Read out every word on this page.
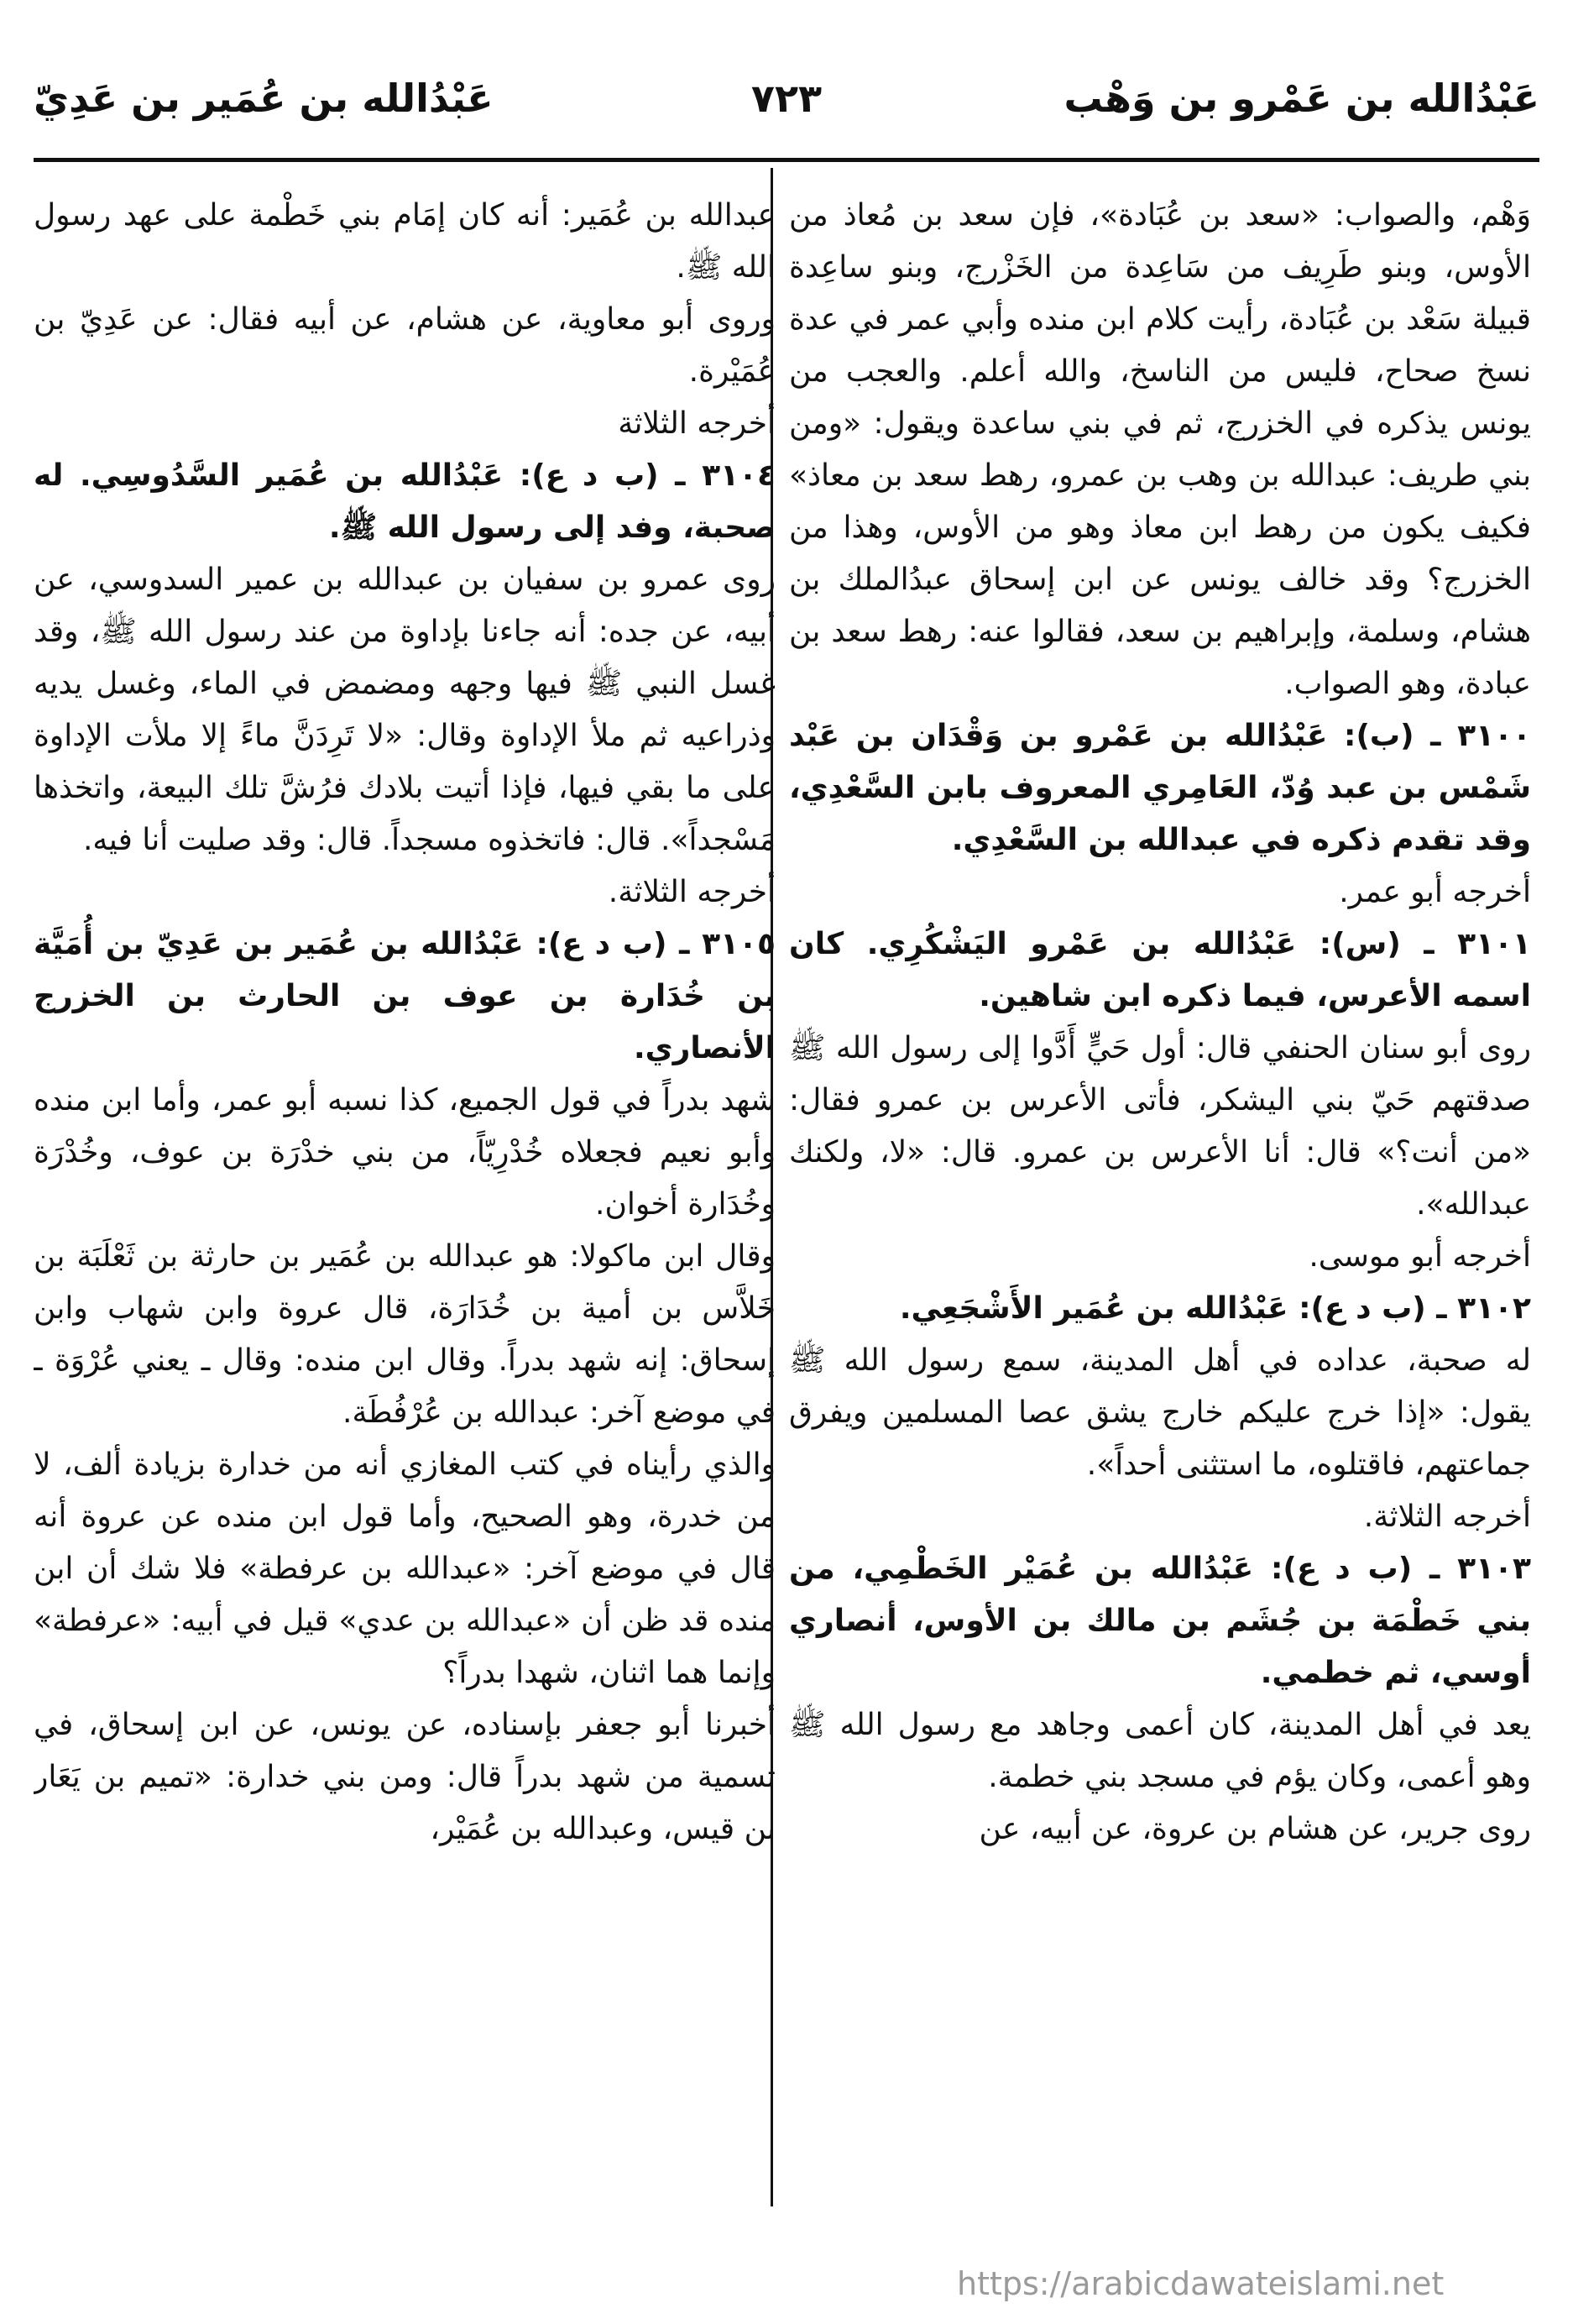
عَبْدُالله بن عَمْرو بن وَهْب
٧٢٣
عَبْدُالله بن عُمَير بن عَدِيّ

وَهْم، والصواب: «سعد بن عُبَادة»، فإن سعد بن مُعاذ من الأوس، وبنو طَرِيف من سَاعِدة من الخَزْرج، وبنو ساعِدة قبيلة سَعْد بن عُبَادة، رأيت كلام ابن منده وأبي عمر في عدة نسخ صحاح، فليس من الناسخ، والله أعلم. والعجب من يونس يذكره في الخزرج، ثم في بني ساعدة ويقول: «ومن بني طريف: عبدالله بن وهب بن عمرو، رهط سعد بن معاذ» فكيف يكون من رهط ابن معاذ وهو من الأوس، وهذا من الخزرج؟ وقد خالف يونس عن ابن إسحاق عبدُالملك بن هشام، وسلمة، وإبراهيم بن سعد، فقالوا عنه: رهط سعد بن عبادة، وهو الصواب.

٣١٠٠ ـ (ب): عَبْدُالله بن عَمْرو بن وَقْدَان بن عَبْد شَمْس بن عبد وُدّ، العَامِري المعروف بابن السَّعْدِي، وقد تقدم ذكره في عبدالله بن السَّعْدِي.

أخرجه أبو عمر.

٣١٠١ ـ (س): عَبْدُالله بن عَمْرو اليَشْكُرِي. كان اسمه الأعرس، فيما ذكره ابن شاهين.

روى أبو سنان الحنفي قال: أول حَيٍّ أَدَّوا إلى رسول الله ﷺ صدقتهم حَيّ بني اليشكر، فأتى الأعرس بن عمرو فقال: «من أنت؟» قال: أنا الأعرس بن عمرو. قال: «لا، ولكنك عبدالله».

أخرجه أبو موسى.

٣١٠٢ ـ (ب د ع): عَبْدُالله بن عُمَير الأَشْجَعِي.

له صحبة، عداده في أهل المدينة، سمع رسول الله ﷺ يقول: «إذا خرج عليكم خارج يشق عصا المسلمين ويفرق جماعتهم، فاقتلوه، ما استثنى أحداً».

أخرجه الثلاثة.

٣١٠٣ ـ (ب د ع): عَبْدُالله بن عُمَيْر الخَطْمِي، من بني خَطْمَة بن جُشَم بن مالك بن الأوس، أنصاري أوسي، ثم خطمي.

يعد في أهل المدينة، كان أعمى وجاهد مع رسول الله ﷺ وهو أعمى، وكان يؤم في مسجد بني خطمة.

روى جرير، عن هشام بن عروة، عن أبيه، عن

عبدالله بن عُمَير: أنه كان إمَام بني خَطْمة على عهد رسول الله ﷺ.

وروى أبو معاوية، عن هشام، عن أبيه فقال: عن عَدِيّ بن عُمَيْرة.

أخرجه الثلاثة

٣١٠٤ ـ (ب د ع): عَبْدُالله بن عُمَير السَّدُوسِي. له صحبة، وفد إلى رسول الله ﷺ.

روى عمرو بن سفيان بن عبدالله بن عمير السدوسي، عن أبيه، عن جده: أنه جاءنا بإداوة من عند رسول الله ﷺ، وقد غسل النبي ﷺ فيها وجهه ومضمض في الماء، وغسل يديه وذراعيه ثم ملأ الإداوة وقال: «لا تَرِدَنَّ ماءً إلا ملأت الإداوة على ما بقي فيها، فإذا أتيت بلادك فرُشَّ تلك البيعة، واتخذها مَسْجداً». قال: فاتخذوه مسجداً. قال: وقد صليت أنا فيه.

أخرجه الثلاثة.

٣١٠٥ ـ (ب د ع): عَبْدُالله بن عُمَير بن عَدِيّ بن أُمَيَّة بن خُدَارة بن عوف بن الحارث بن الخزرج الأنصاري.

شهد بدراً في قول الجميع، كذا نسبه أبو عمر، وأما ابن منده وأبو نعيم فجعلاه خُدْرِيّاً، من بني خدْرَة بن عوف، وخُدْرَة وخُدَارة أخوان.

وقال ابن ماكولا: هو عبدالله بن عُمَير بن حارثة بن ثَعْلَبَة بن خَلاَّس بن أمية بن خُدَارَة، قال عروة وابن شهاب وابن إسحاق: إنه شهد بدراً. وقال ابن منده: وقال ـ يعني عُرْوَة ـ في موضع آخر: عبدالله بن عُرْفُطَة.

والذي رأيناه في كتب المغازي أنه من خدارة بزيادة ألف، لا من خدرة، وهو الصحيح، وأما قول ابن منده عن عروة أنه قال في موضع آخر: «عبدالله بن عرفطة» فلا شك أن ابن منده قد ظن أن «عبدالله بن عدي» قيل في أبيه: «عرفطة» وإنما هما اثنان، شهدا بدراً؟

أخبرنا أبو جعفر بإسناده، عن يونس، عن ابن إسحاق، في تسمية من شهد بدراً قال: ومن بني خدارة: «تميم بن يَعَار بن قيس، وعبدالله بن عُمَيْر،

https://arabicdawateislami.net
